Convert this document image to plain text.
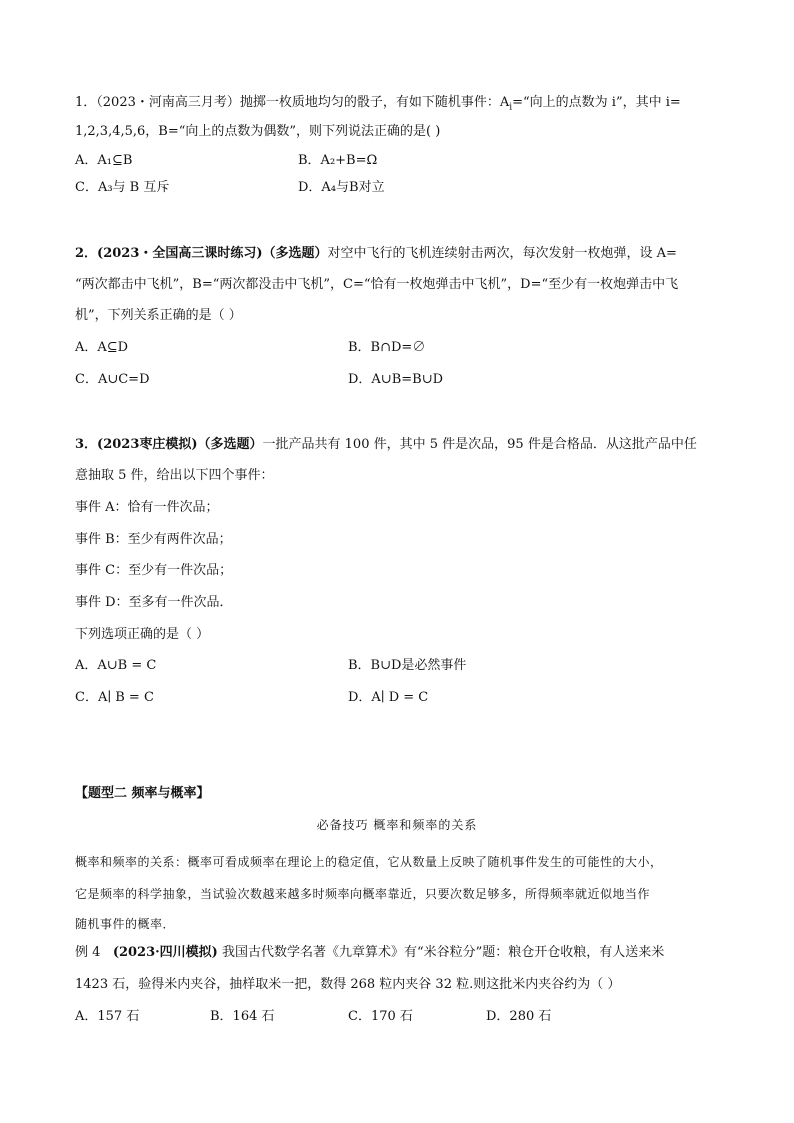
1．（2023・河南高三月考）抛掷一枚质地均匀的骰子，有如下随机事件：$A_i=“$向上的点数为 i”，其中 i=
1,2,3,4,5,6，B=“向上的点数为偶数”，则下列说法正确的是( )
A．A₁⊆B	B．A₂+B=Ω
C．A₃与 B 互斥	D．A₄与B对立
2．(2023・全国高三课时练习)（多选题）对空中飞行的飞机连续射击两次，每次发射一枚炮弹，设 A=
“两次都击中飞机”，B=“两次都没击中飞机”，C=“恰有一枚炮弹击中飞机”，D=“至少有一枚炮弹击中飞
机”，下列关系正确的是（ ）
A．A⊆D	B．B∩D=∅
C．A∪C=D	D．A∪B=B∪D
3．(2023枣庄模拟)（多选题）一批产品共有 100 件，其中 5 件是次品，95 件是合格品．从这批产品中任
意抽取 5 件，给出以下四个事件：
事件 A：恰有一件次品；
事件 B：至少有两件次品；
事件 C：至少有一件次品；
事件 D：至多有一件次品．
下列选项正确的是（ ）
A．A∪B = C	B．B∪D是必然事件
C．A∣ B = C	D．A∣ D = C
【题型二 频率与概率】
必备技巧 概率和频率的关系
概率和频率的关系：概率可看成频率在理论上的稳定值，它从数量上反映了随机事件发生的可能性的大小，
它是频率的科学抽象，当试验次数越来越多时频率向概率靠近，只要次数足够多，所得频率就近似地当作
随机事件的概率．
例 4 (2023·四川模拟) 我国古代数学名著《九章算术》有“米谷粒分”题：粮仓开仓收粮，有人送来米
1423 石，验得米内夹谷，抽样取米一把，数得 268 粒内夹谷 32 粒.则这批米内夹谷约为（ ）
A．157 石	B．164 石	C．170 石	D．280 石
